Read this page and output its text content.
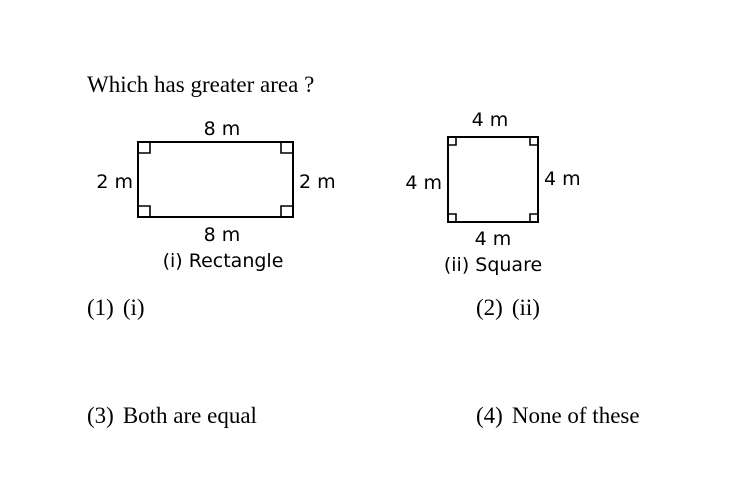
Which has greater area ?
8 m
8 m
2 m	2 m
(i) Rectangle
4 m
4 m
4 m	4 m
(ii) Square
(1) (i)	(2) (ii)
(3) Both are equal	(4) None of these
